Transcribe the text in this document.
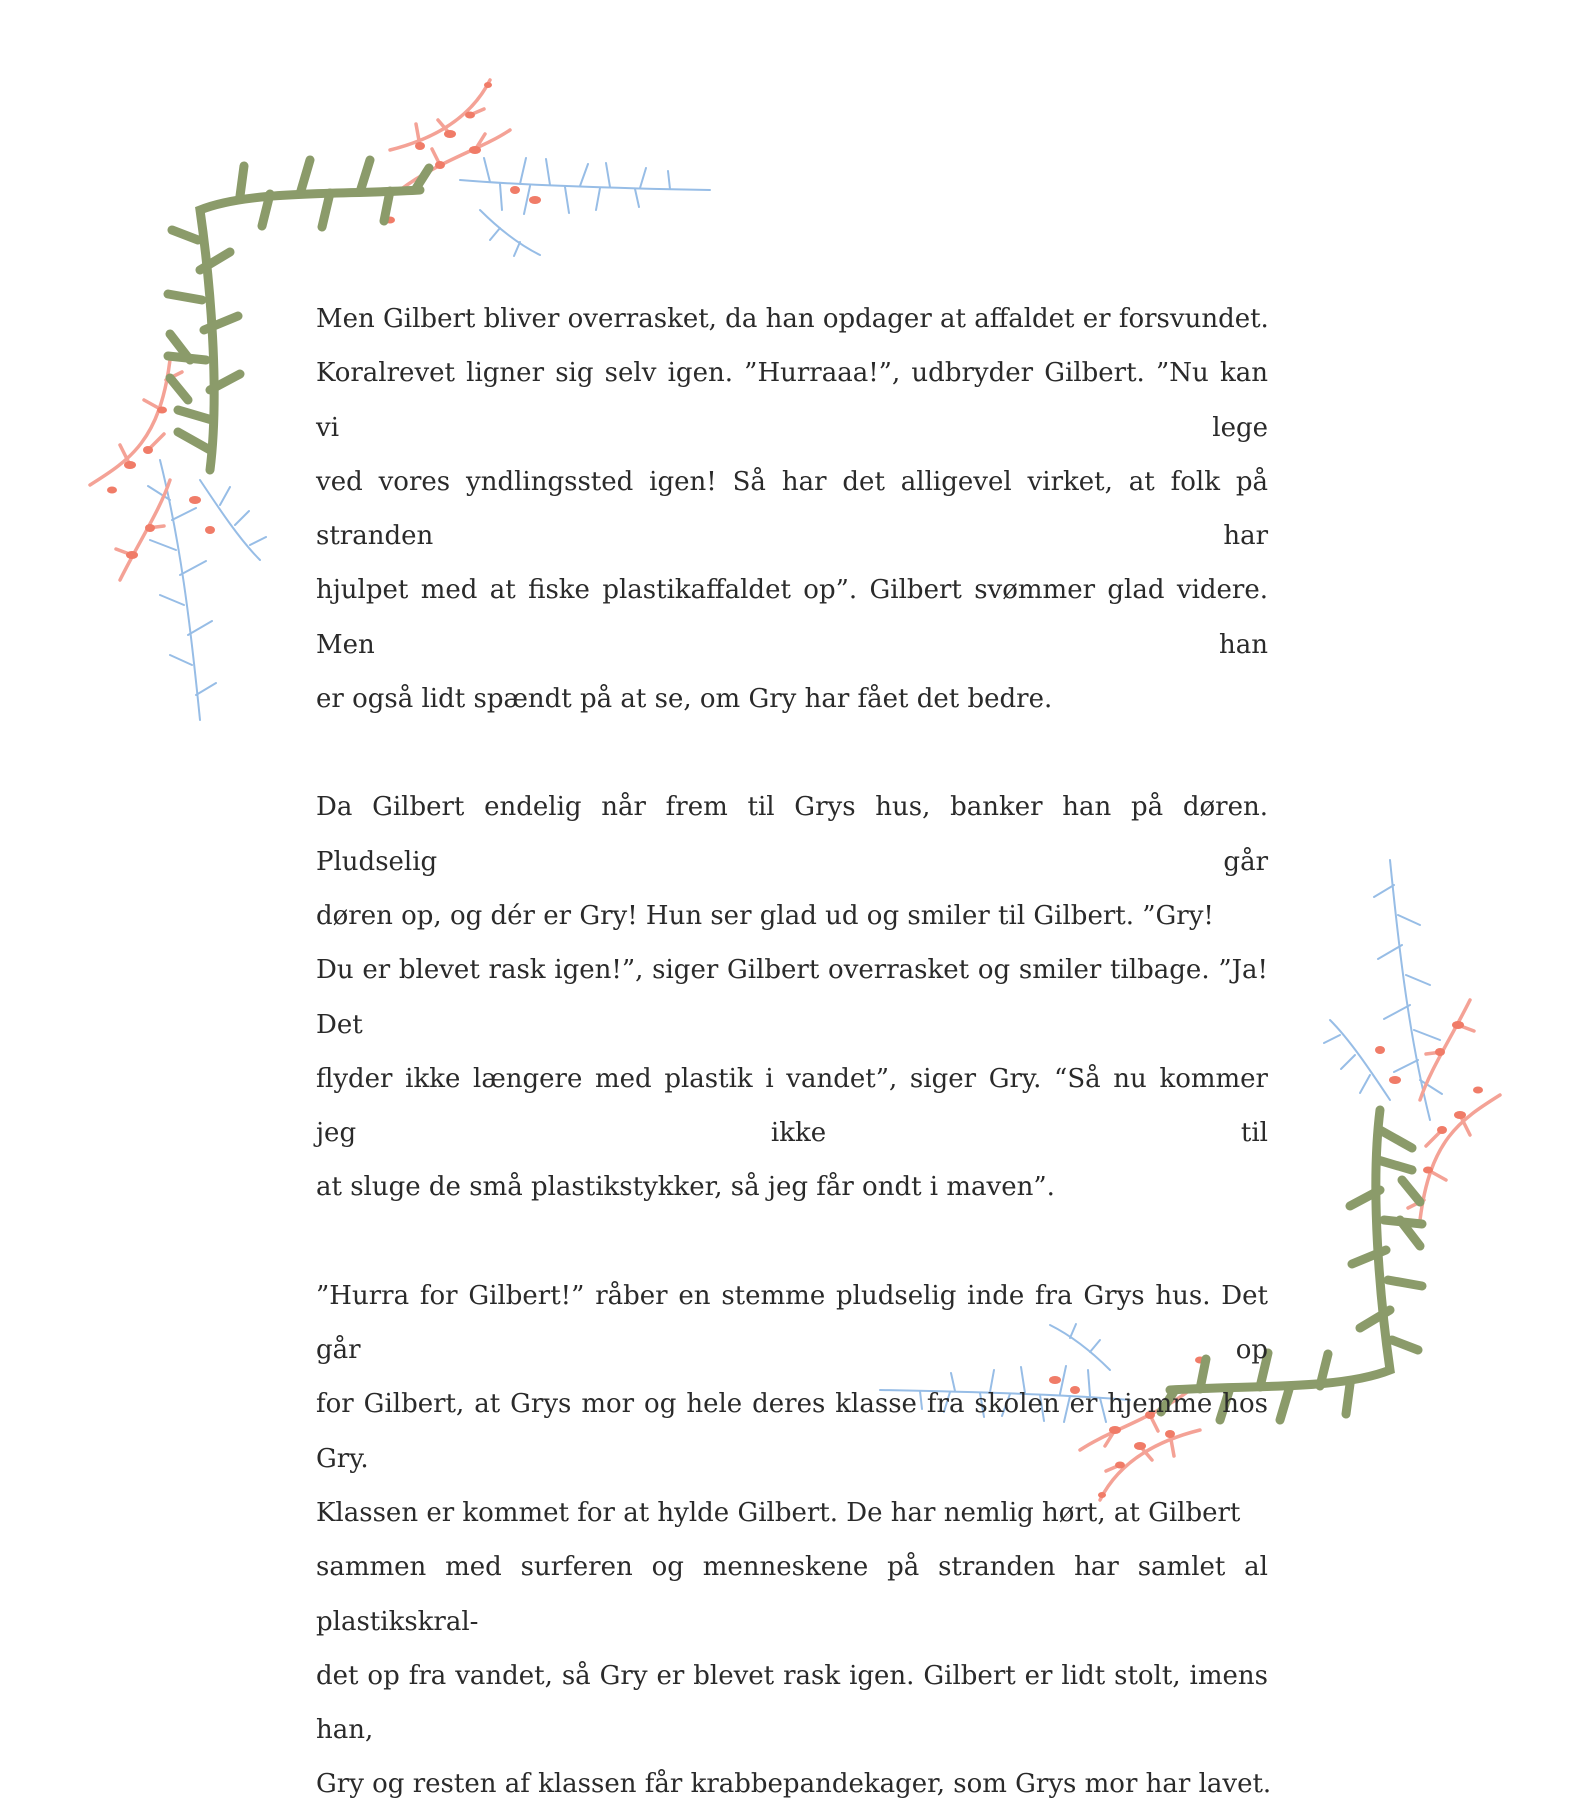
Men Gilbert bliver overrasket, da han opdager at affaldet er forsvundet.
Koralrevet ligner sig selv igen. ”Hurraaa!”, udbryder Gilbert. ”Nu kan vi lege
ved vores yndlingssted igen! Så har det alligevel virket, at folk på stranden har
hjulpet med at fiske plastikaffaldet op”. Gilbert svømmer glad videre. Men han
er også lidt spændt på at se, om Gry har fået det bedre.

Da Gilbert endelig når frem til Grys hus, banker han på døren. Pludselig går
døren op, og dér er Gry! Hun ser glad ud og smiler til Gilbert. ”Gry!
Du er blevet rask igen!”, siger Gilbert overrasket og smiler tilbage. ”Ja! Det
flyder ikke længere med plastik i vandet”, siger Gry. “Så nu kommer jeg ikke til
at sluge de små plastikstykker, så jeg får ondt i maven”.

”Hurra for Gilbert!” råber en stemme pludselig inde fra Grys hus. Det går op
for Gilbert, at Grys mor og hele deres klasse fra skolen er hjemme hos Gry.
Klassen er kommet for at hylde Gilbert. De har nemlig hørt, at Gilbert
sammen med surferen og menneskene på stranden har samlet al plastikskral-
det op fra vandet, så Gry er blevet rask igen. Gilbert er lidt stolt, imens han,
Gry og resten af klassen får krabbepandekager, som Grys mor har lavet.
